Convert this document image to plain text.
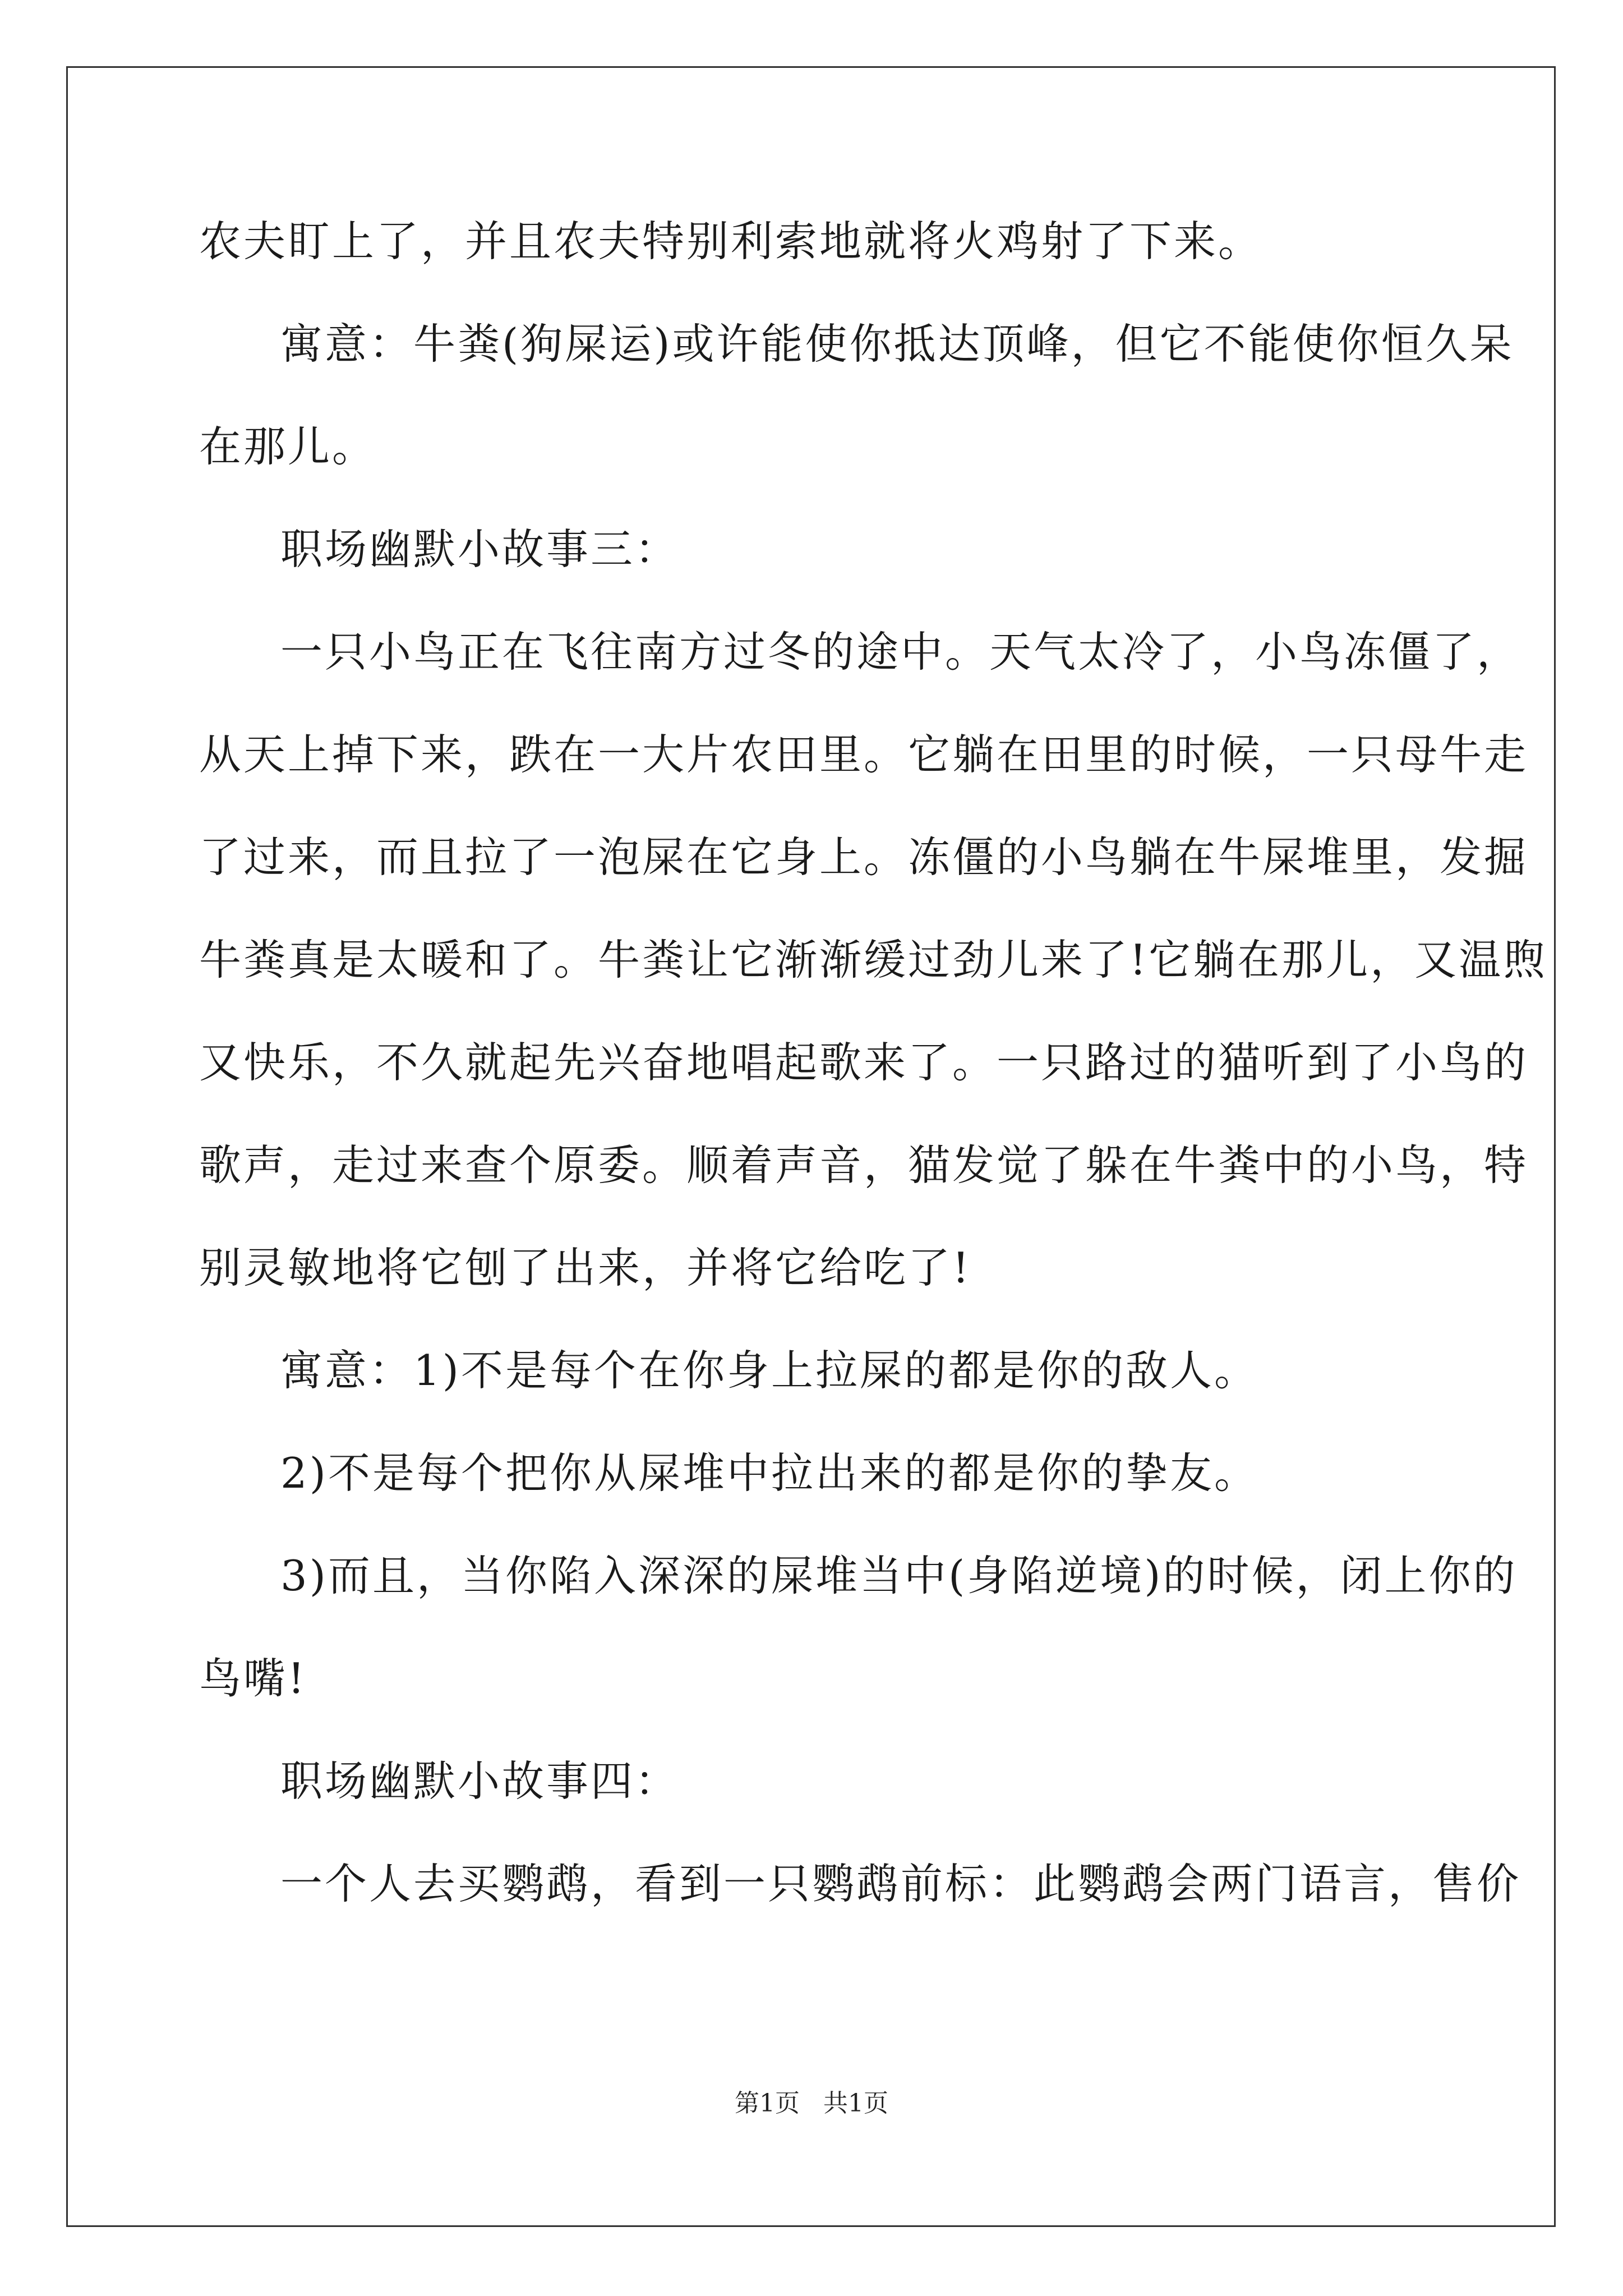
农夫盯上了，并且农夫特别利索地就将火鸡射了下来。
寓意：牛粪(狗屎运)或许能使你抵达顶峰，但它不能使你恒久呆
在那儿。
职场幽默小故事三：
一只小鸟正在飞往南方过冬的途中。天气太冷了，小鸟冻僵了，
从天上掉下来，跌在一大片农田里。它躺在田里的时候，一只母牛走
了过来，而且拉了一泡屎在它身上。冻僵的小鸟躺在牛屎堆里，发掘
牛粪真是太暖和了。牛粪让它渐渐缓过劲儿来了!它躺在那儿，又温煦
又快乐，不久就起先兴奋地唱起歌来了。一只路过的猫听到了小鸟的
歌声，走过来查个原委。顺着声音，猫发觉了躲在牛粪中的小鸟，特
别灵敏地将它刨了出来，并将它给吃了!
寓意：1)不是每个在你身上拉屎的都是你的敌人。
2)不是每个把你从屎堆中拉出来的都是你的挚友。
3)而且，当你陷入深深的屎堆当中(身陷逆境)的时候，闭上你的
鸟嘴!
职场幽默小故事四：
一个人去买鹦鹉，看到一只鹦鹉前标：此鹦鹉会两门语言，售价
第1页 共1页
